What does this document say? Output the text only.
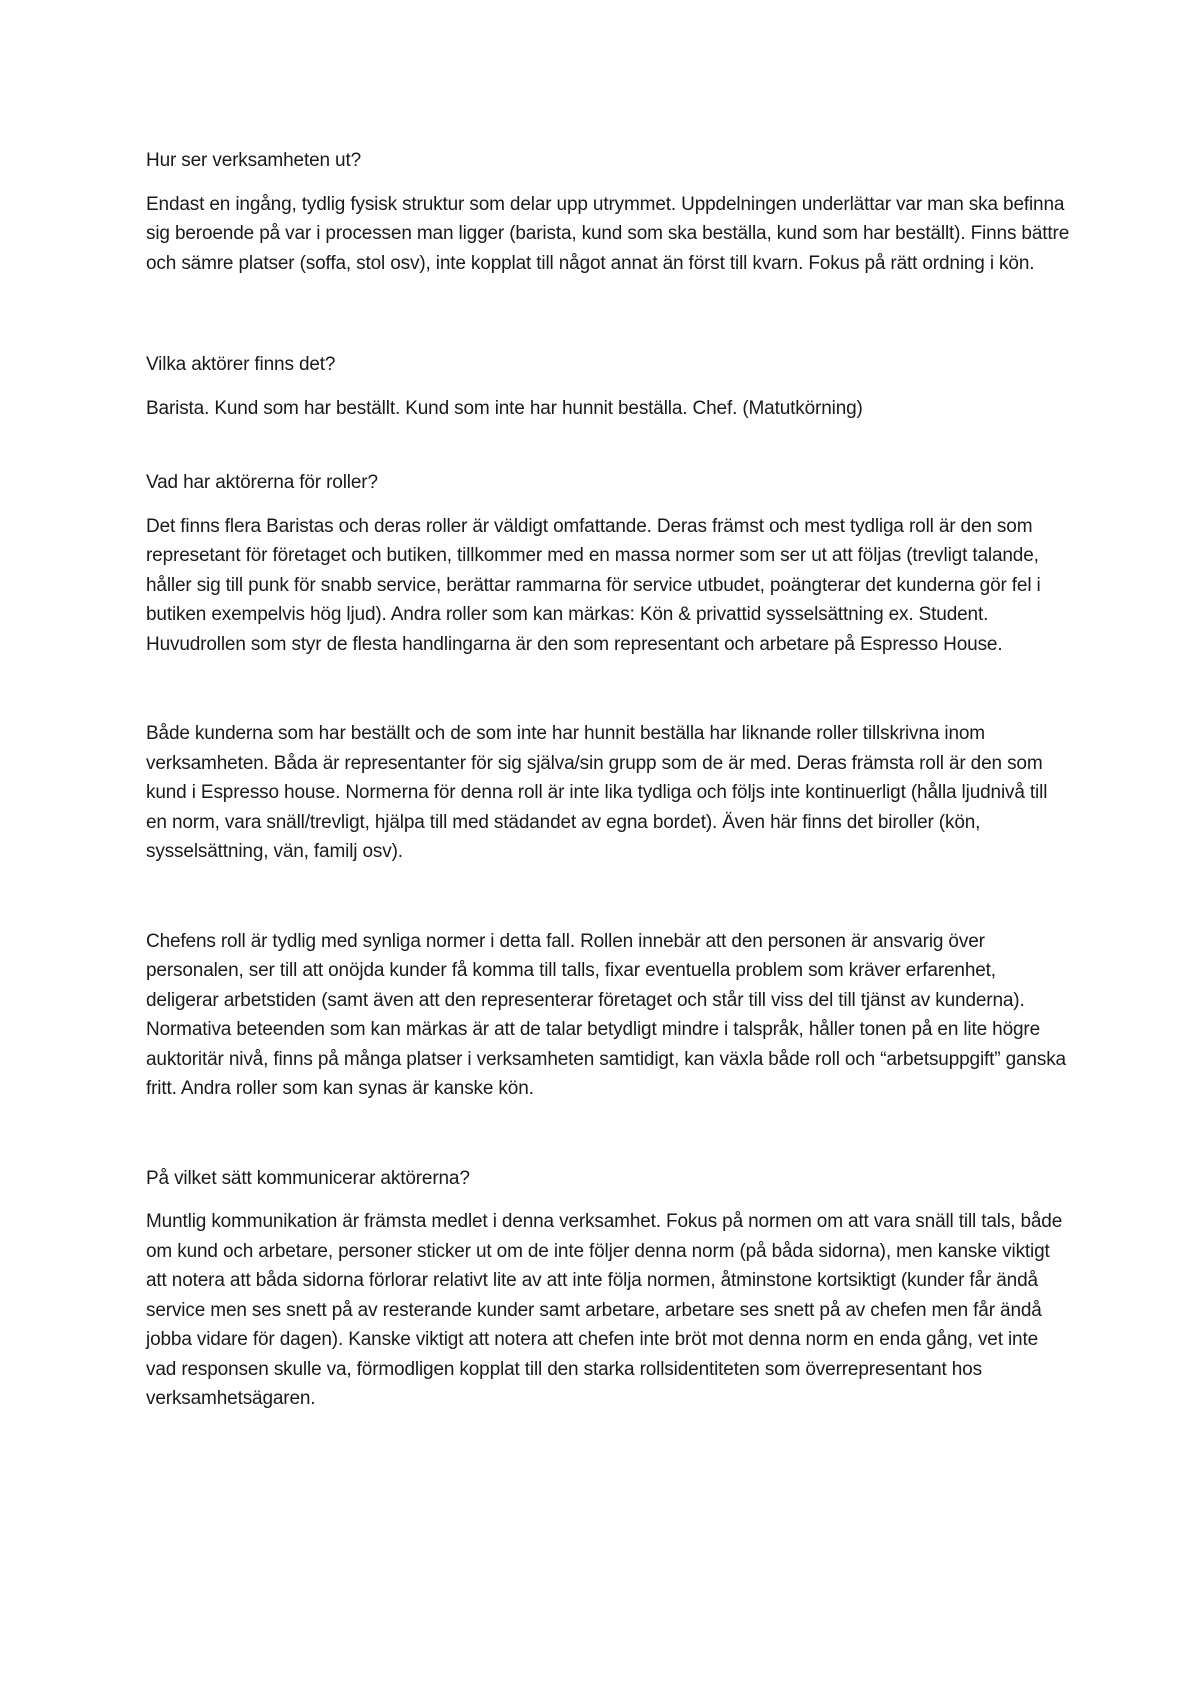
Hur ser verksamheten ut?

Endast en ingång, tydlig fysisk struktur som delar upp utrymmet. Uppdelningen underlättar var man ska befinna sig beroende på var i processen man ligger (barista, kund som ska beställa, kund som har beställt). Finns bättre och sämre platser (soffa, stol osv), inte kopplat till något annat än först till kvarn. Fokus på rätt ordning i kön.

Vilka aktörer finns det?

Barista. Kund som har beställt. Kund som inte har hunnit beställa. Chef. (Matutkörning)

Vad har aktörerna för roller?

Det finns flera Baristas och deras roller är väldigt omfattande. Deras främst och mest tydliga roll är den som represetant för företaget och butiken, tillkommer med en massa normer som ser ut att följas (trevligt talande, håller sig till punk för snabb service, berättar rammarna för service utbudet, poängterar det kunderna gör fel i butiken exempelvis hög ljud). Andra roller som kan märkas: Kön & privattid sysselsättning ex. Student. Huvudrollen som styr de flesta handlingarna är den som representant och arbetare på Espresso House.

Både kunderna som har beställt och de som inte har hunnit beställa har liknande roller tillskrivna inom verksamheten. Båda är representanter för sig själva/sin grupp som de är med. Deras främsta roll är den som kund i Espresso house. Normerna för denna roll är inte lika tydliga och följs inte kontinuerligt (hålla ljudnivå till en norm, vara snäll/trevligt, hjälpa till med städandet av egna bordet). Även här finns det biroller (kön, sysselsättning, vän, familj osv).

Chefens roll är tydlig med synliga normer i detta fall. Rollen innebär att den personen är ansvarig över personalen, ser till att onöjda kunder få komma till talls, fixar eventuella problem som kräver erfarenhet, deligerar arbetstiden (samt även att den representerar företaget och står till viss del till tjänst av kunderna). Normativa beteenden som kan märkas är att de talar betydligt mindre i talspråk, håller tonen på en lite högre auktoritär nivå, finns på många platser i verksamheten samtidigt, kan växla både roll och “arbetsuppgift” ganska fritt. Andra roller som kan synas är kanske kön.

På vilket sätt kommunicerar aktörerna?

Muntlig kommunikation är främsta medlet i denna verksamhet. Fokus på normen om att vara snäll till tals, både om kund och arbetare, personer sticker ut om de inte följer denna norm (på båda sidorna), men kanske viktigt att notera att båda sidorna förlorar relativt lite av att inte följa normen, åtminstone kortsiktigt (kunder får ändå service men ses snett på av resterande kunder samt arbetare, arbetare ses snett på av chefen men får ändå jobba vidare för dagen). Kanske viktigt att notera att chefen inte bröt mot denna norm en enda gång, vet inte vad responsen skulle va, förmodligen kopplat till den starka rollsidentiteten som överrepresentant hos verksamhetsägaren.
